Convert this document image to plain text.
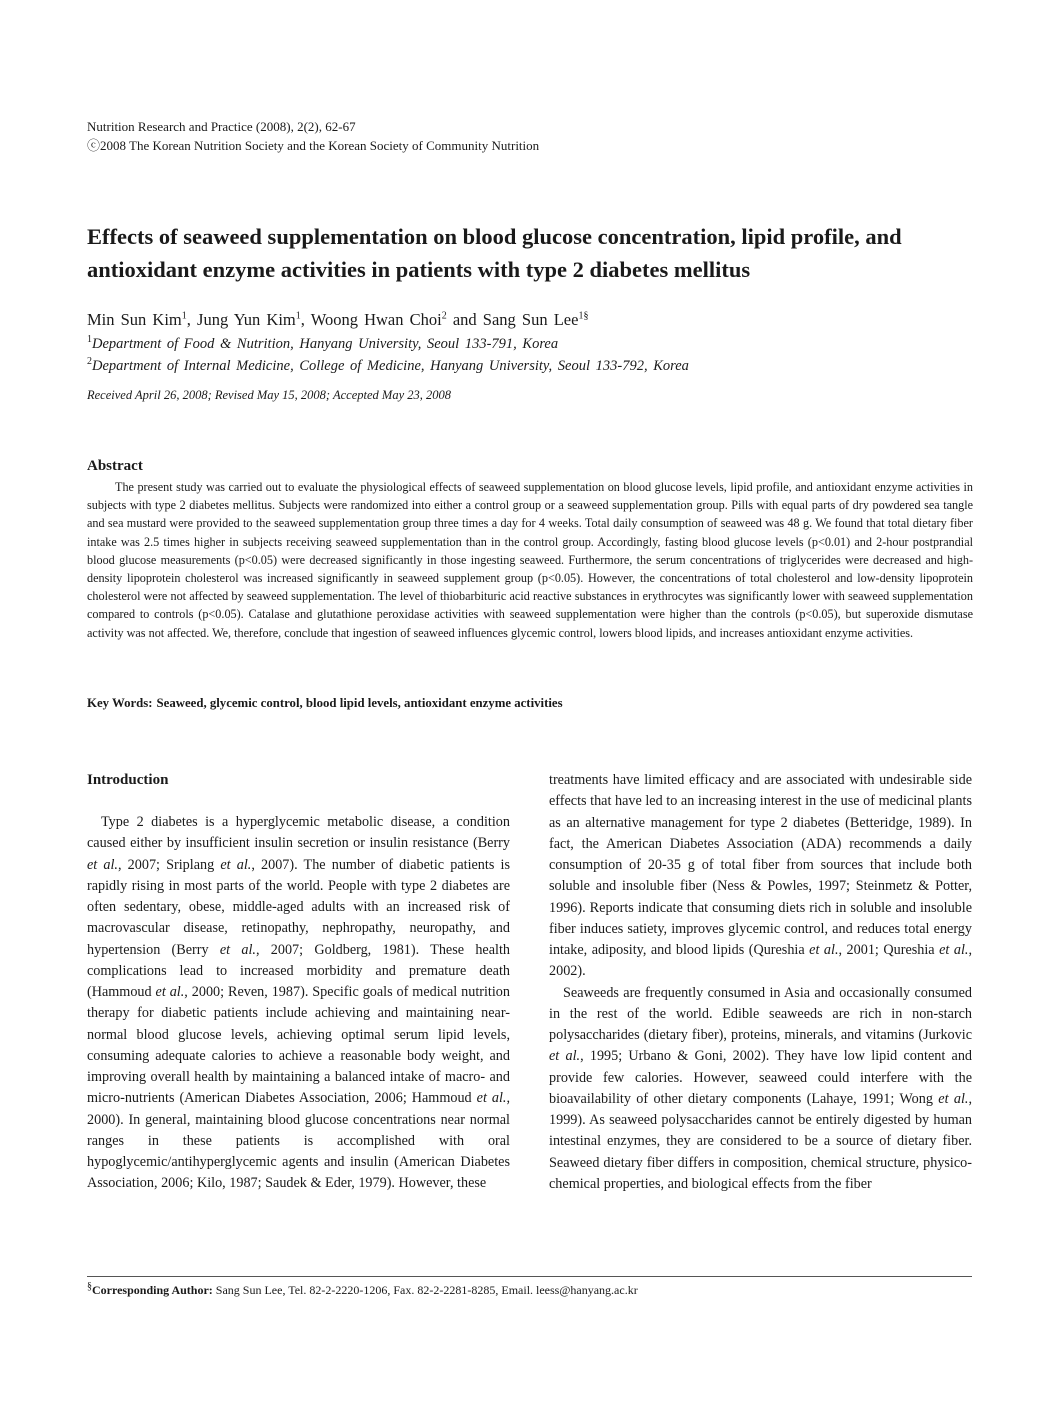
Nutrition Research and Practice (2008), 2(2), 62-67
ⓒ2008 The Korean Nutrition Society and the Korean Society of Community Nutrition
Effects of seaweed supplementation on blood glucose concentration, lipid profile, and antioxidant enzyme activities in patients with type 2 diabetes mellitus
Min Sun Kim$^1$, Jung Yun Kim$^1$, Woong Hwan Choi$^2$ and Sang Sun Lee$^{1\S}$
$^1$Department of Food & Nutrition, Hanyang University, Seoul 133-791, Korea
$^2$Department of Internal Medicine, College of Medicine, Hanyang University, Seoul 133-792, Korea
Received April 26, 2008; Revised May 15, 2008; Accepted May 23, 2008
Abstract

The present study was carried out to evaluate the physiological effects of seaweed supplementation on blood glucose levels, lipid profile, and antioxidant enzyme activities in subjects with type 2 diabetes mellitus. Subjects were randomized into either a control group or a seaweed supplementation group. Pills with equal parts of dry powdered sea tangle and sea mustard were provided to the seaweed supplementation group three times a day for 4 weeks. Total daily consumption of seaweed was 48 g. We found that total dietary fiber intake was 2.5 times higher in subjects receiving seaweed supplementation than in the control group. Accordingly, fasting blood glucose levels (p<0.01) and 2-hour postprandial blood glucose measurements (p<0.05) were decreased significantly in those ingesting seaweed. Furthermore, the serum concentrations of triglycerides were decreased and high-density lipoprotein cholesterol was increased significantly in seaweed supplement group (p<0.05). However, the concentrations of total cholesterol and low-density lipoprotein cholesterol were not affected by seaweed supplementation. The level of thiobarbituric acid reactive substances in erythrocytes was significantly lower with seaweed supplementation compared to controls (p<0.05). Catalase and glutathione peroxidase activities with seaweed supplementation were higher than the controls (p<0.05), but superoxide dismutase activity was not affected. We, therefore, conclude that ingestion of seaweed influences glycemic control, lowers blood lipids, and increases antioxidant enzyme activities.

Key Words: Seaweed, glycemic control, blood lipid levels, antioxidant enzyme activities
Introduction

Type 2 diabetes is a hyperglycemic metabolic disease, a condition caused either by insufficient insulin secretion or insulin resistance (Berry et al., 2007; Sriplang et al., 2007). The number of diabetic patients is rapidly rising in most parts of the world. People with type 2 diabetes are often sedentary, obese, middle-aged adults with an increased risk of macrovascular disease, retinopathy, nephropathy, neuropathy, and hypertension (Berry et al., 2007; Goldberg, 1981). These health complications lead to increased morbidity and premature death (Hammoud et al., 2000; Reven, 1987). Specific goals of medical nutrition therapy for diabetic patients include achieving and maintaining near-normal blood glucose levels, achieving optimal serum lipid levels, consuming adequate calories to achieve a reasonable body weight, and improving overall health by maintaining a balanced intake of macro- and micro-nutrients (American Diabetes Association, 2006; Hammoud et al., 2000). In general, maintaining blood glucose concentrations near normal ranges in these patients is accomplished with oral hypoglycemic/antihyperglycemic agents and insulin (American Diabetes Association, 2006; Kilo, 1987; Saudek & Eder, 1979). However, these

treatments have limited efficacy and are associated with undesirable side effects that have led to an increasing interest in the use of medicinal plants as an alternative management for type 2 diabetes (Betteridge, 1989). In fact, the American Diabetes Association (ADA) recommends a daily consumption of 20-35 g of total fiber from sources that include both soluble and insoluble fiber (Ness & Powles, 1997; Steinmetz & Potter, 1996). Reports indicate that consuming diets rich in soluble and insoluble fiber induces satiety, improves glycemic control, and reduces total energy intake, adiposity, and blood lipids (Qureshia et al., 2001; Qureshia et al., 2002).

Seaweeds are frequently consumed in Asia and occasionally consumed in the rest of the world. Edible seaweeds are rich in non-starch polysaccharides (dietary fiber), proteins, minerals, and vitamins (Jurkovic et al., 1995; Urbano & Goni, 2002). They have low lipid content and provide few calories. However, seaweed could interfere with the bioavailability of other dietary components (Lahaye, 1991; Wong et al., 1999). As seaweed polysaccharides cannot be entirely digested by human intestinal enzymes, they are considered to be a source of dietary fiber. Seaweed dietary fiber differs in composition, chemical structure, physico-chemical properties, and biological effects from the fiber

§Corresponding Author: Sang Sun Lee, Tel. 82-2-2220-1206, Fax. 82-2-2281-8285, Email. leess@hanyang.ac.kr
